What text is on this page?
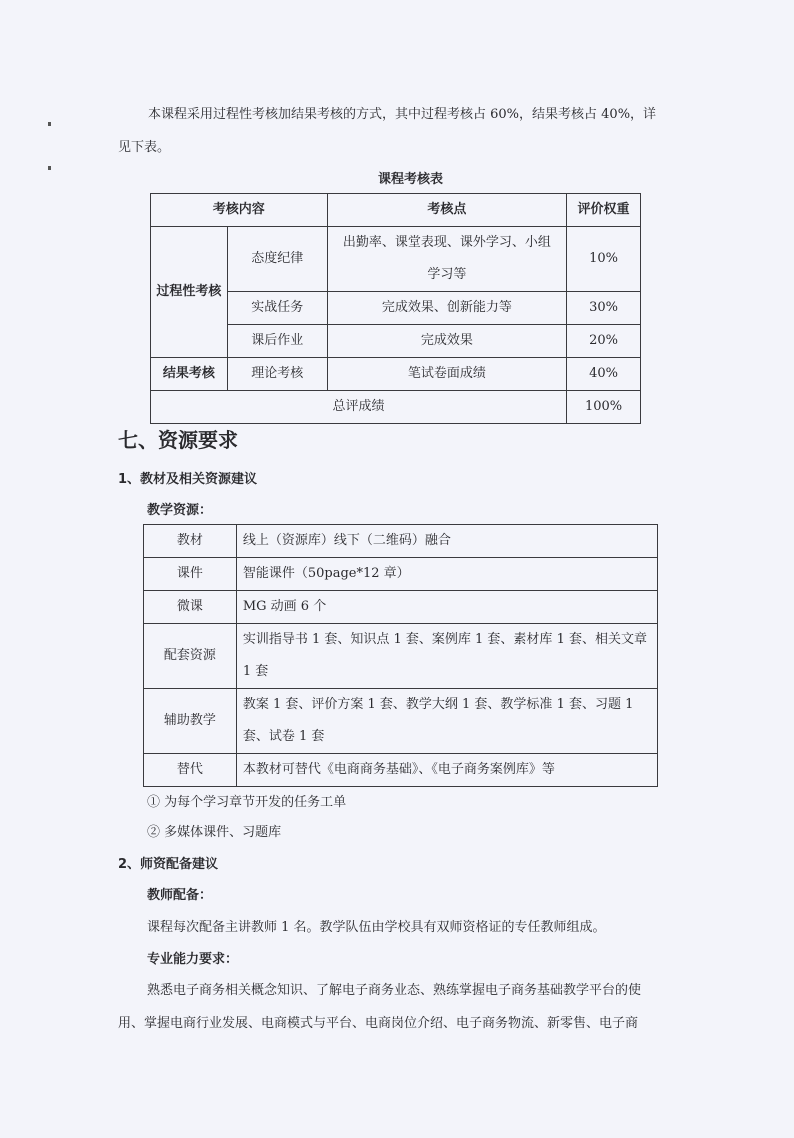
本课程采用过程性考核加结果考核的方式，其中过程考核占 60%，结果考核占 40%，详
见下表。
课程考核表
考核内容		考核点	评价权重
过程性考核	态度纪律	出勤率、课堂表现、课外学习、小组学习等	10%
	实战任务	完成效果、创新能力等	30%
	课后作业	完成效果	20%
结果考核	理论考核	笔试卷面成绩	40%
总评成绩			100%
七、资源要求
1、教材及相关资源建议
教学资源：
教材	线上（资源库）线下（二维码）融合
课件	智能课件（50page*12 章）
微课	MG 动画 6 个
配套资源	实训指导书 1 套、知识点 1 套、案例库 1 套、素材库 1 套、相关文章 1 套
辅助教学	教案 1 套、评价方案 1 套、教学大纲 1 套、教学标准 1 套、习题 1 套、试卷 1 套
替代	本教材可替代《电商商务基础》、《电子商务案例库》等
① 为每个学习章节开发的任务工单
② 多媒体课件、习题库
2、师资配备建议
教师配备：
课程每次配备主讲教师 1 名。教学队伍由学校具有双师资格证的专任教师组成。
专业能力要求：
熟悉电子商务相关概念知识、了解电子商务业态、熟练掌握电子商务基础教学平台的使
用、掌握电商行业发展、电商模式与平台、电商岗位介绍、电子商务物流、新零售、电子商
